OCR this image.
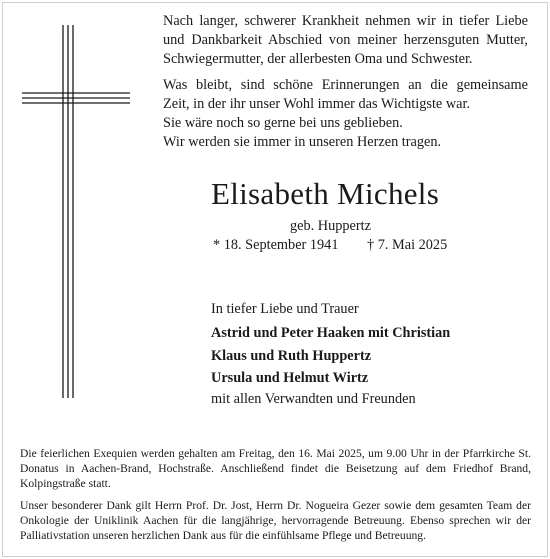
Nach langer, schwerer Krankheit nehmen wir in tiefer Liebe

und Dankbarkeit Abschied von meiner herzensguten Mutter,

Schwiegermutter, der allerbesten Oma und Schwester.

Was bleibt, sind schöne Erinnerungen an die gemeinsame

Zeit, in der ihr unser Wohl immer das Wichtigste war.

Sie wäre noch so gerne bei uns geblieben.

Wir werden sie immer in unseren Herzen tragen.

Elisabeth Michels
geb. Huppertz
* 18. September 1941 † 7. Mai 2025
In tiefer Liebe und Trauer
Astrid und Peter Haaken mit Christian
Klaus und Ruth Huppertz
Ursula und Helmut Wirtz
mit allen Verwandten und Freunden
Die feierlichen Exequien werden gehalten am Freitag, den 16. Mai 2025, um 9.00 Uhr in der Pfarrkirche St. Donatus in Aachen-Brand, Hochstraße. Anschließend findet die Beisetzung auf dem Friedhof Brand, Kolpingstraße statt.
Unser besonderer Dank gilt Herrn Prof. Dr. Jost, Herrn Dr. Nogueira Gezer sowie dem gesamten Team der Onkologie der Uniklinik Aachen für die langjährige, hervorragende Betreuung. Ebenso sprechen wir der Palliativstation unseren herzlichen Dank aus für die einfühlsame Pflege und Betreuung.
